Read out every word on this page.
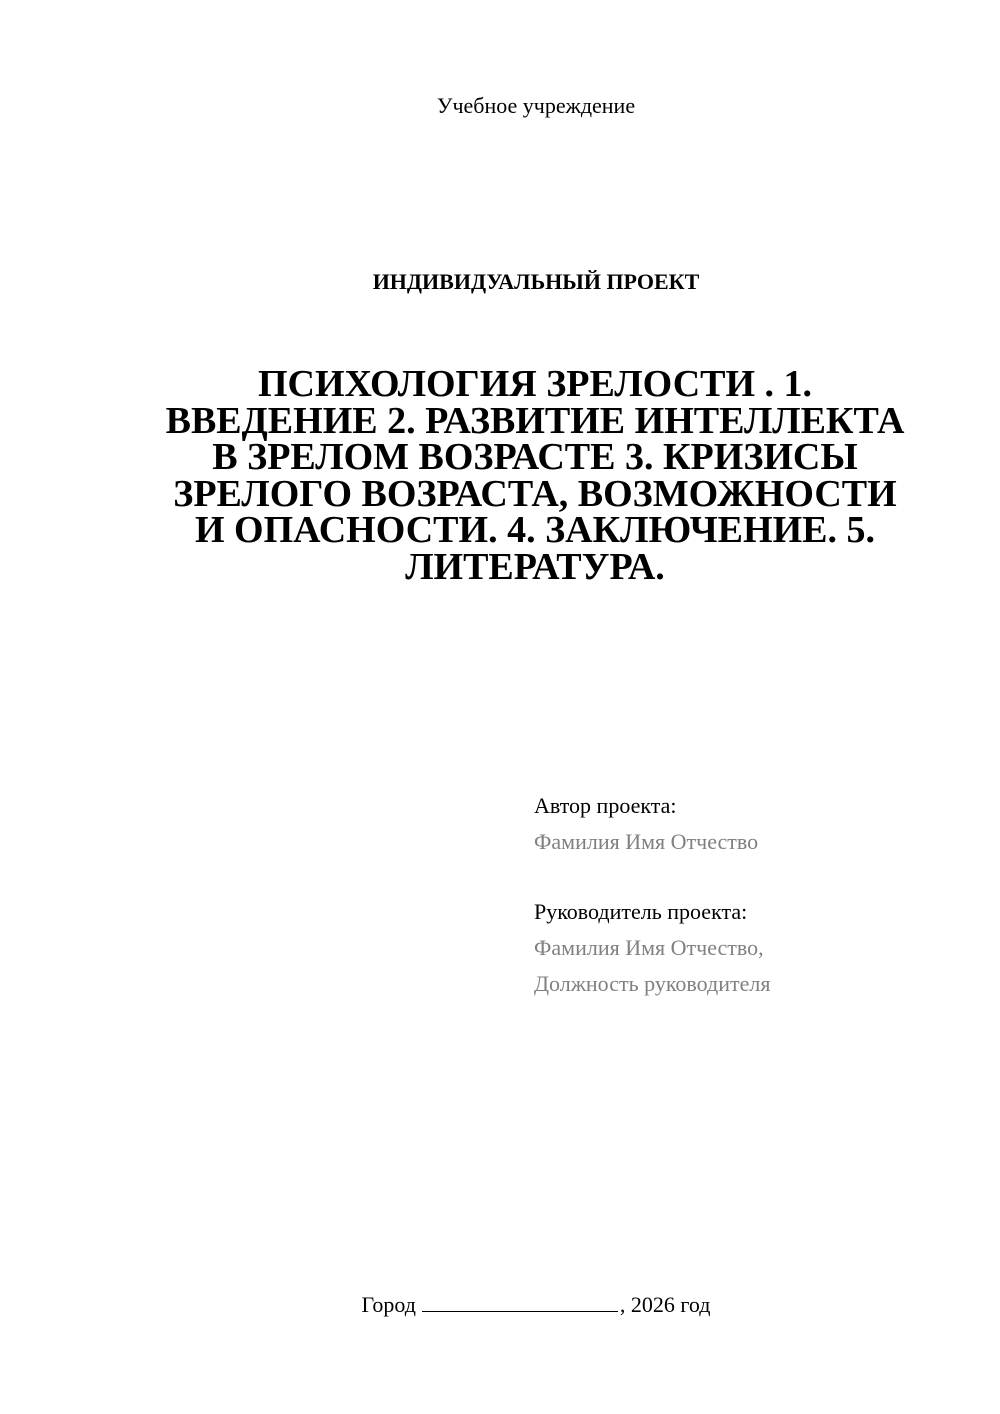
Учебное учреждение
ИНДИВИДУАЛЬНЫЙ ПРОЕКТ
ПСИХОЛОГИЯ ЗРЕЛОСТИ . 1.
ВВЕДЕНИЕ 2. РАЗВИТИЕ ИНТЕЛЛЕКТА
В ЗРЕЛОМ ВОЗРАСТЕ 3. КРИЗИСЫ
ЗРЕЛОГО ВОЗРАСТА, ВОЗМОЖНОСТИ
И ОПАСНОСТИ. 4. ЗАКЛЮЧЕНИЕ. 5.
ЛИТЕРАТУРА.
Автор проекта:
Фамилия Имя Отчество
Руководитель проекта:
Фамилия Имя Отчество,
Должность руководителя
Город	, 2026 год
